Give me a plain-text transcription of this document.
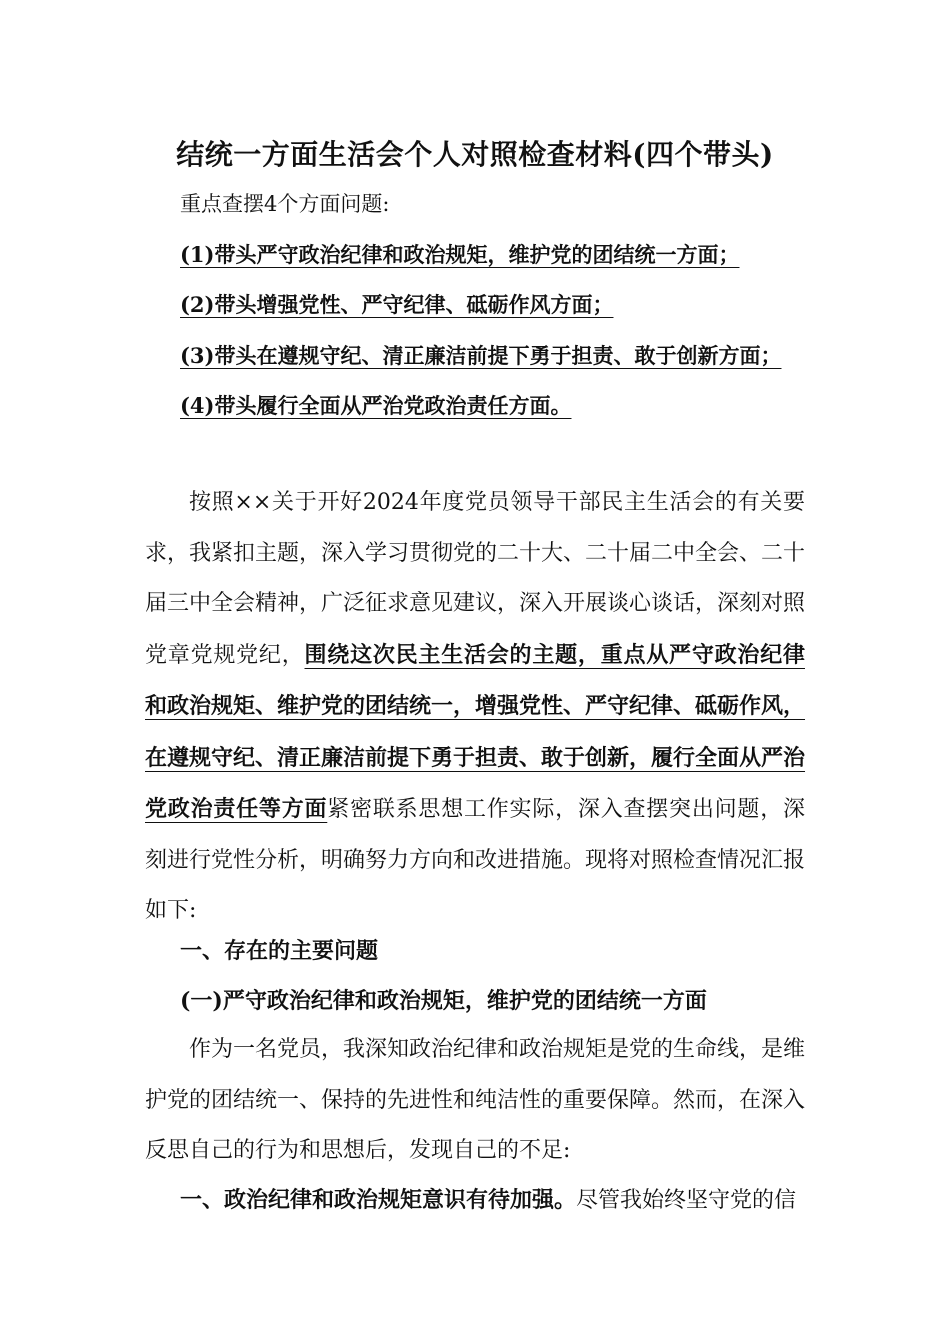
结统一方面生活会个人对照检查材料(四个带头)
重点查摆4个方面问题:
(1)带头严守政治纪律和政治规矩，维护党的团结统一方面；
(2)带头增强党性、严守纪律、砥砺作风方面；
(3)带头在遵规守纪、清正廉洁前提下勇于担责、敢于创新方面；
(4)带头履行全面从严治党政治责任方面。

按照××关于开好2024年度党员领导干部民主生活会的有关要求，我紧扣主题，深入学习贯彻党的二十大、二十届二中全会、二十届三中全会精神，广泛征求意见建议，深入开展谈心谈话，深刻对照党章党规党纪，围绕这次民主生活会的主题，重点从严守政治纪律和政治规矩、维护党的团结统一，增强党性、严守纪律、砥砺作风，在遵规守纪、清正廉洁前提下勇于担责、敢于创新，履行全面从严治党政治责任等方面紧密联系思想工作实际，深入查摆突出问题，深刻进行党性分析，明确努力方向和改进措施。现将对照检查情况汇报如下:

一、存在的主要问题
(一)严守政治纪律和政治规矩，维护党的团结统一方面

作为一名党员，我深知政治纪律和政治规矩是党的生命线，是维护党的团结统一、保持的先进性和纯洁性的重要保障。然而，在深入反思自己的行为和思想后，发现自己的不足:

一、政治纪律和政治规矩意识有待加强。尽管我始终坚守党的信
